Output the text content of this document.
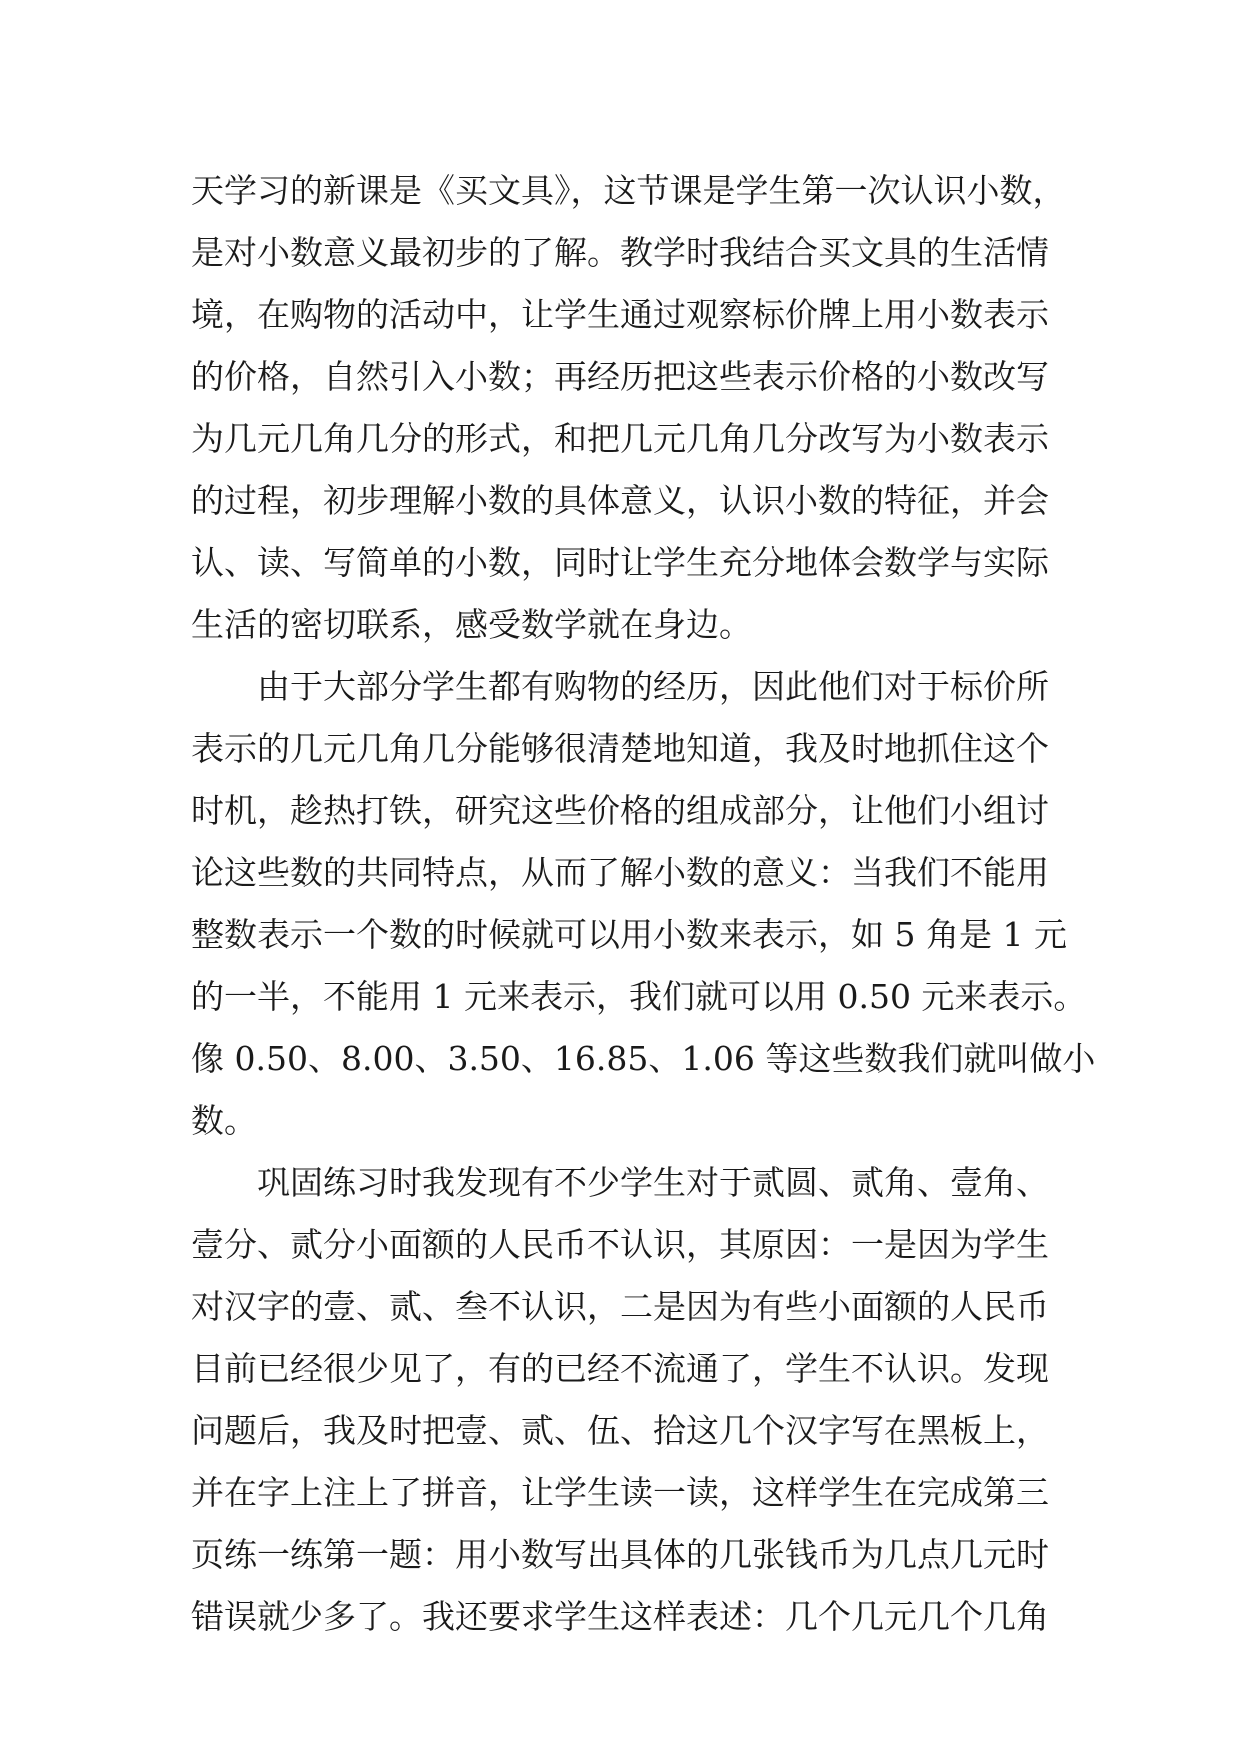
天学习的新课是《买文具》，这节课是学生第一次认识小数，
是对小数意义最初步的了解。教学时我结合买文具的生活情
境，在购物的活动中，让学生通过观察标价牌上用小数表示
的价格，自然引入小数；再经历把这些表示价格的小数改写
为几元几角几分的形式，和把几元几角几分改写为小数表示
的过程，初步理解小数的具体意义，认识小数的特征，并会
认、读、写简单的小数，同时让学生充分地体会数学与实际
生活的密切联系，感受数学就在身边。
由于大部分学生都有购物的经历，因此他们对于标价所
表示的几元几角几分能够很清楚地知道，我及时地抓住这个
时机，趁热打铁，研究这些价格的组成部分，让他们小组讨
论这些数的共同特点，从而了解小数的意义：当我们不能用
整数表示一个数的时候就可以用小数来表示，如 5 角是 1 元
的一半，不能用 1 元来表示，我们就可以用 0.50 元来表示。
像 0.50、8.00、3.50、16.85、1.06 等这些数我们就叫做小
数。
巩固练习时我发现有不少学生对于贰圆、贰角、壹角、
壹分、贰分小面额的人民币不认识，其原因：一是因为学生
对汉字的壹、贰、叁不认识，二是因为有些小面额的人民币
目前已经很少见了，有的已经不流通了，学生不认识。发现
问题后，我及时把壹、贰、伍、拾这几个汉字写在黑板上，
并在字上注上了拼音，让学生读一读，这样学生在完成第三
页练一练第一题：用小数写出具体的几张钱币为几点几元时
错误就少多了。我还要求学生这样表述：几个几元几个几角
